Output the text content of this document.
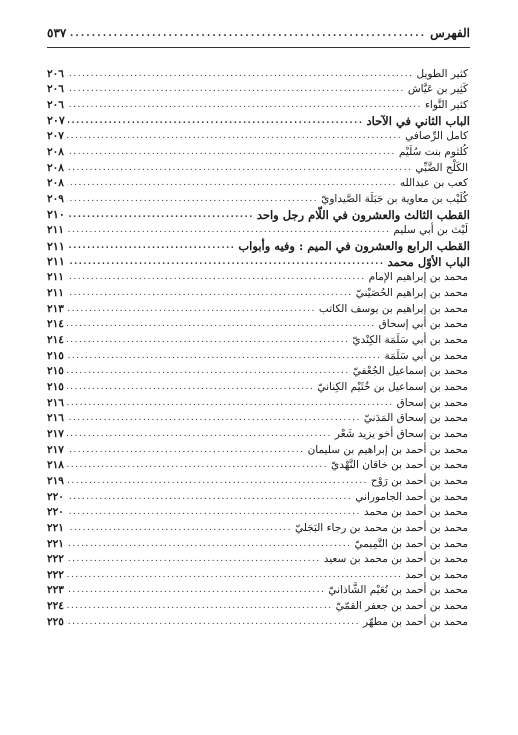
الفهرس
.....
٥٣٧
كثير الطويل
.....
٢٠٦
كَثِير بن عَيَّاش
.....
٢٠٦
كثير النَّواء
.....
٢٠٦
الباب الثاني في الآحاد
.....
٢٠٧
كامل الرِّصافي
.....
٢٠٧
كُلثوم بنت سُلَيْم
.....
٢٠٨
الكَلْح الضَّبِّي
.....
٢٠٨
كعب بن عبدالله
.....
٢٠٨
كُلَيْب بن معاوية بن جَبَلَة الصَّيداويّ
.....
٢٠٩
القطب الثالث والعشرون في اللّام رجل واحد
.....
٢١٠
لَيْث بن أبي سليم
.....
٢١١
القطب الرابع والعشرون في الميم : وفيه وأبواب
.....
٢١١
الباب الأوّل محمد
.....
٢١١
محمد بن إبراهيم الإمام
.....
٢١١
محمد بن إبراهيم الحُصَيْنيّ
.....
٢١١
محمد بن إبراهيم بن يوسف الكاتب
.....
٢١٣
محمد بن أبي إسحاق
.....
٢١٤
محمد بن أبي سَلَمَة الكِنْديّ
.....
٢١٤
محمد بن أبي سَلَمَة
.....
٢١٥
محمد بن إسماعيل الجُعْفيّ
.....
٢١٥
محمد بن إسماعيل بن خُثَيْم الكِنانيّ
.....
٢١٥
محمد بن إسحاق
.....
٢١٦
محمد بن إسحاق المَدَنيّ
.....
٢١٦
محمد بن إسحاق أخو يزيد شَعْر
.....
٢١٧
محمد بن أحمد بن إبراهيم بن سليمان
.....
٢١٧
محمد بن أحمد بن خاقان النَّهْديّ
.....
٢١٨
محمد بن أحمد بن رَوْح
.....
٢١٩
محمد بن أحمد الجاموراني
.....
٢٢٠
محمد بن أحمد بن محمد
.....
٢٢٠
محمد بن أحمد بن محمد بن رجاء البَجَليّ
.....
٢٢١
محمد بن أحمد بن التَّمِيميّ
.....
٢٢١
محمد بن أحمد بن محمد بن سعيد
.....
٢٢٢
محمد بن أحمد
.....
٢٢٢
محمد بن أحمد بن نُعَيْم الشَّاذانيّ
.....
٢٢٣
محمد بن أحمد بن جعفر القمّيّ
.....
٢٢٤
محمد بن أحمد بن مطهّر
.....
٢٢٥
